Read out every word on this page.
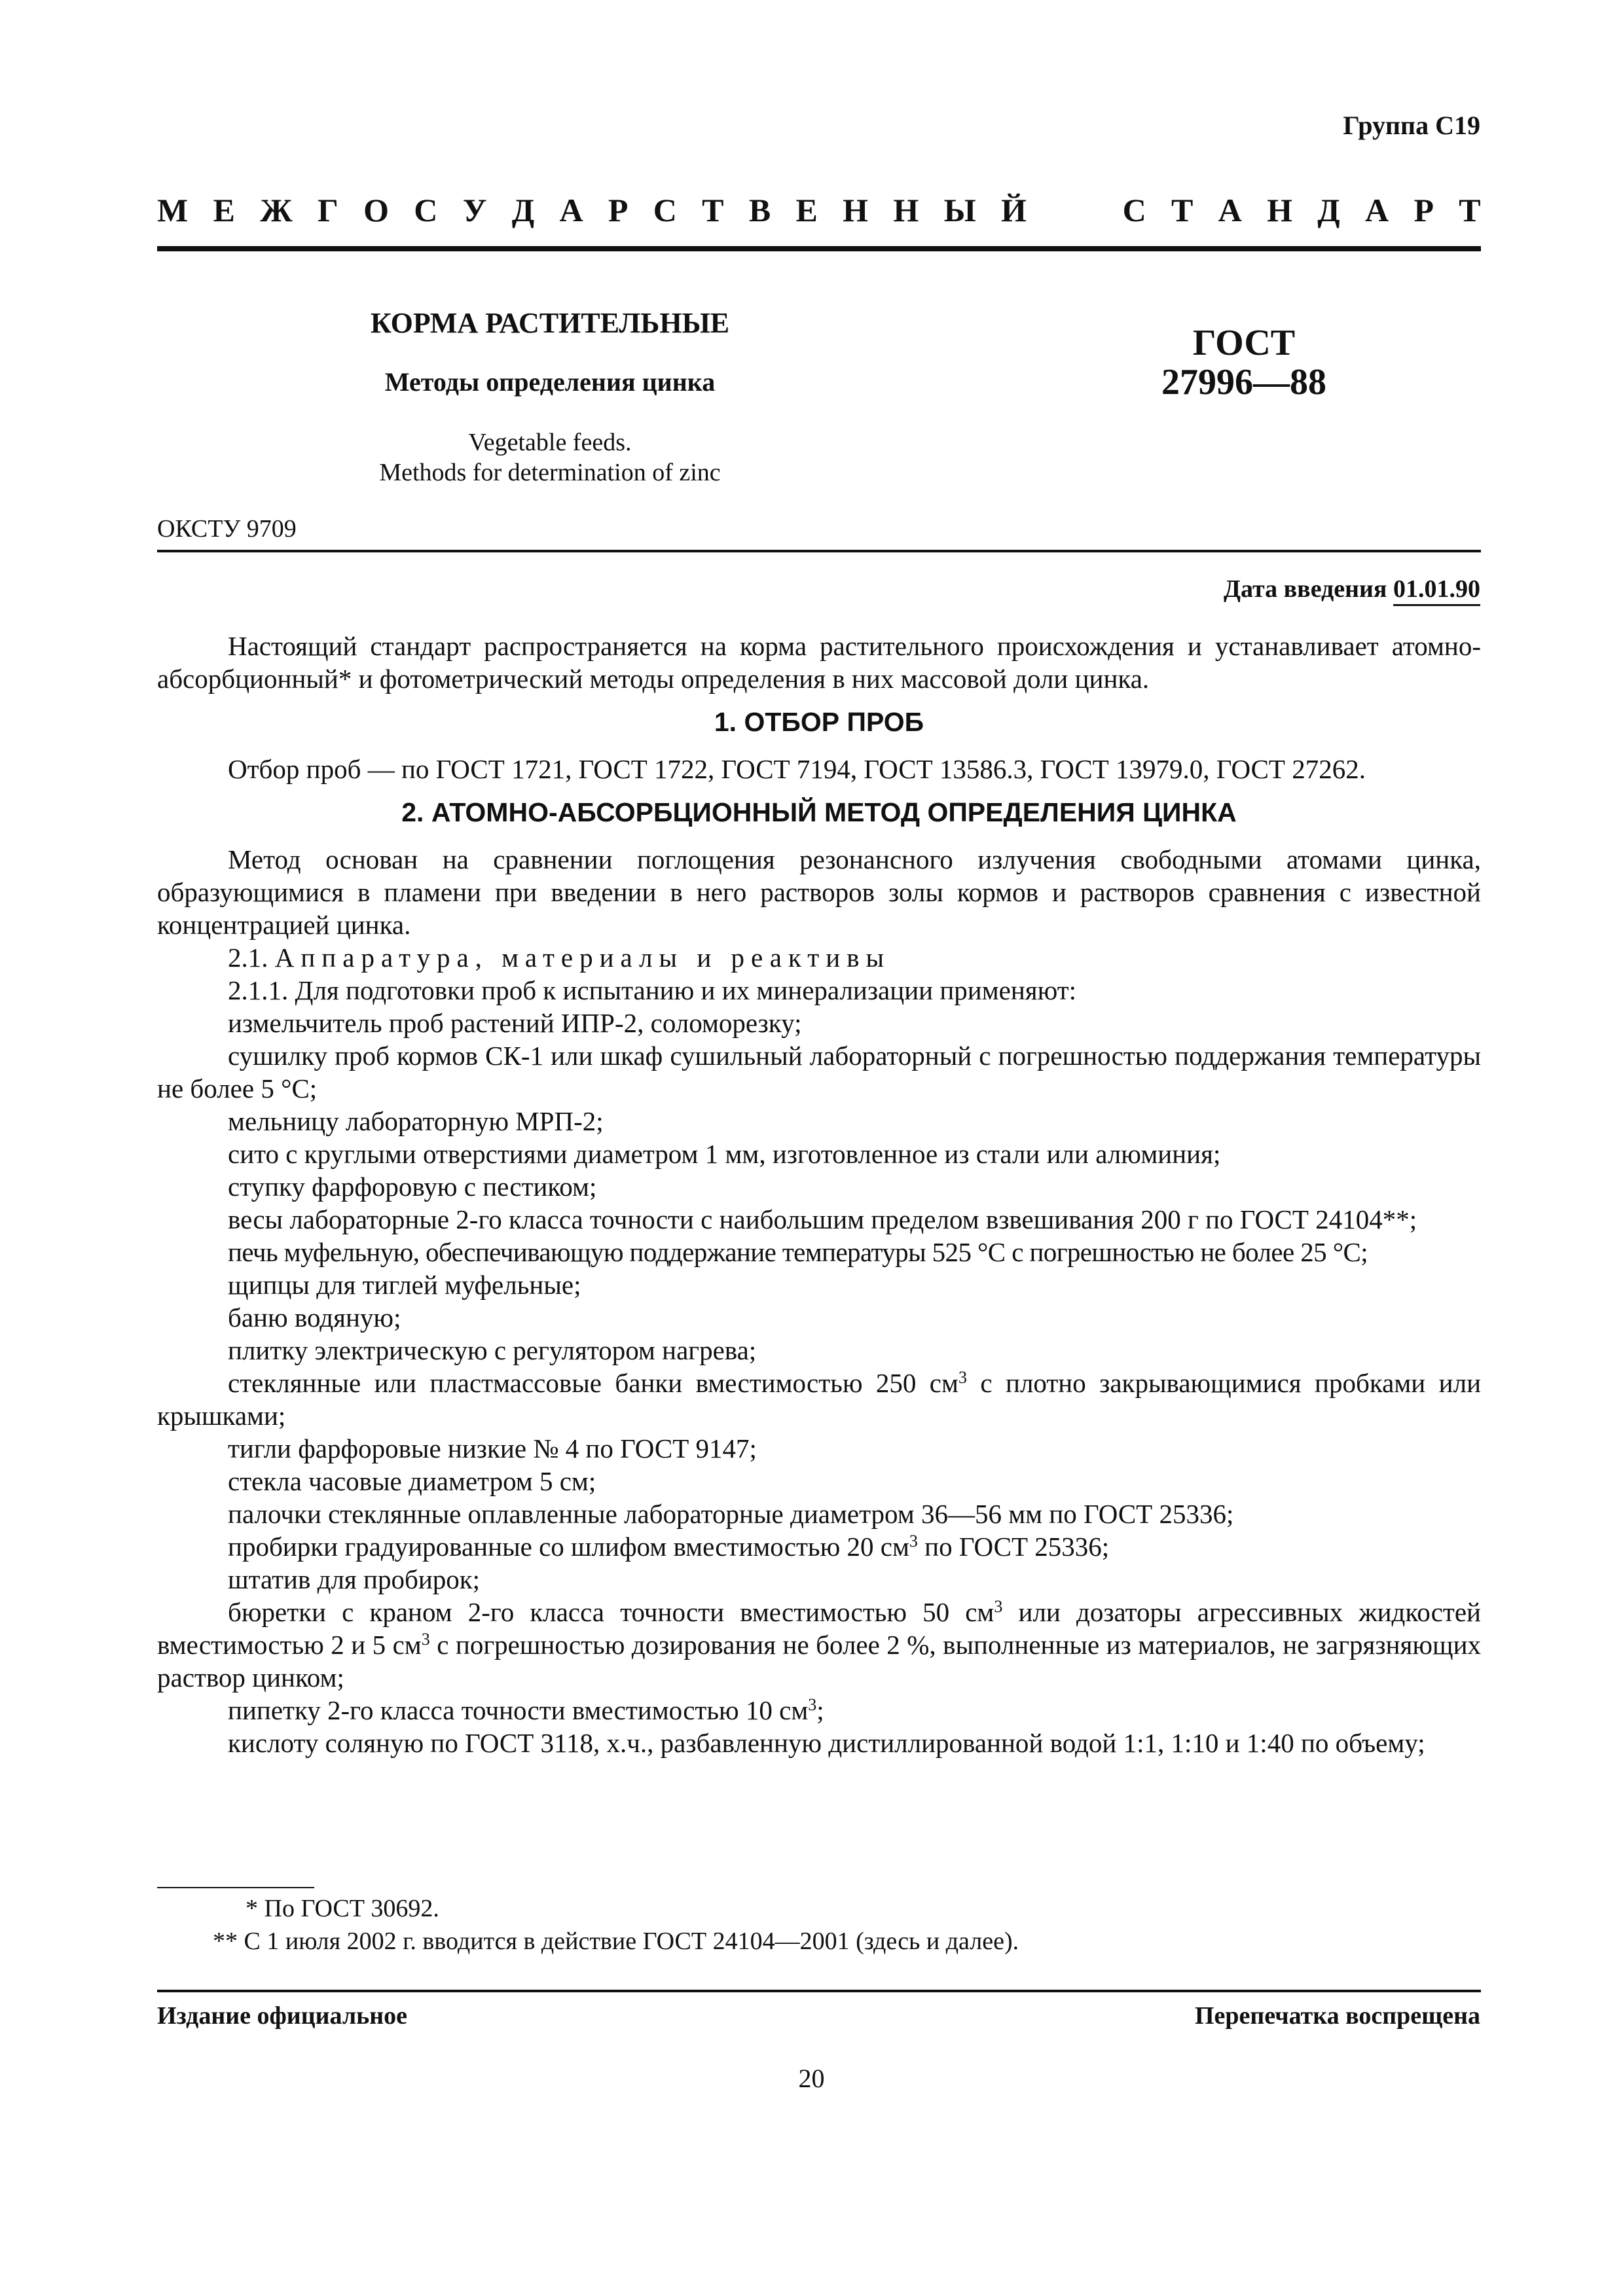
Группа С19
М Е Ж Г О С У Д А Р С Т В Е Н Н Ы Й	С Т А Н Д А Р Т
КОРМА РАСТИТЕЛЬНЫЕ
Методы определения цинка
Vegetable feeds.
Methods for determination of zinc
ГОСТ
27996—88
ОКСТУ 9709
Дата введения 01.01.90

Настоящий стандарт распространяется на корма растительного происхождения и устанавливает атомно-абсорбционный* и фотометрический методы определения в них массовой доли цинка.

1. ОТБОР ПРОБ

Отбор проб — по ГОСТ 1721, ГОСТ 1722, ГОСТ 7194, ГОСТ 13586.3, ГОСТ 13979.0, ГОСТ 27262.

2. АТОМНО-АБСОРБЦИОННЫЙ МЕТОД ОПРЕДЕЛЕНИЯ ЦИНКА

Метод основан на сравнении поглощения резонансного излучения свободными атомами цинка, образующимися в пламени при введении в него растворов золы кормов и растворов сравнения с известной концентрацией цинка.

2.1. Аппаратура, материалы и реактивы

2.1.1. Для подготовки проб к испытанию и их минерализации применяют:

измельчитель проб растений ИПР-2, соломорезку;

сушилку проб кормов СК-1 или шкаф сушильный лабораторный с погрешностью поддержания температуры не более 5 °С;

мельницу лабораторную МРП-2;

сито с круглыми отверстиями диаметром 1 мм, изготовленное из стали или алюминия;

ступку фарфоровую с пестиком;

весы лабораторные 2-го класса точности с наибольшим пределом взвешивания 200 г по ГОСТ 24104**;

печь муфельную, обеспечивающую поддержание температуры 525 °С с погрешностью не более 25 °С;

щипцы для тиглей муфельные;

баню водяную;

плитку электрическую с регулятором нагрева;

стеклянные или пластмассовые банки вместимостью 250 $см^3$ с плотно закрывающимися пробками или крышками;

тигли фарфоровые низкие № 4 по ГОСТ 9147;

стекла часовые диаметром 5 см;

палочки стеклянные оплавленные лабораторные диаметром 36—56 мм по ГОСТ 25336;

пробирки градуированные со шлифом вместимостью 20 $см^3$ по ГОСТ 25336;

штатив для пробирок;

бюретки с краном 2-го класса точности вместимостью 50 $см^3$ или дозаторы агрессивных жидкостей вместимостью 2 и 5 $см^3$ с погрешностью дозирования не более 2 %, выполненные из материалов, не загрязняющих раствор цинком;

пипетку 2-го класса точности вместимостью 10 $см^3$;

кислоту соляную по ГОСТ 3118, х.ч., разбавленную дистиллированной водой 1:1, 1:10 и 1:40 по объему;

* По ГОСТ 30692.
** С 1 июля 2002 г. вводится в действие ГОСТ 24104—2001 (здесь и далее).
Издание официальное	Перепечатка воспрещена
20
